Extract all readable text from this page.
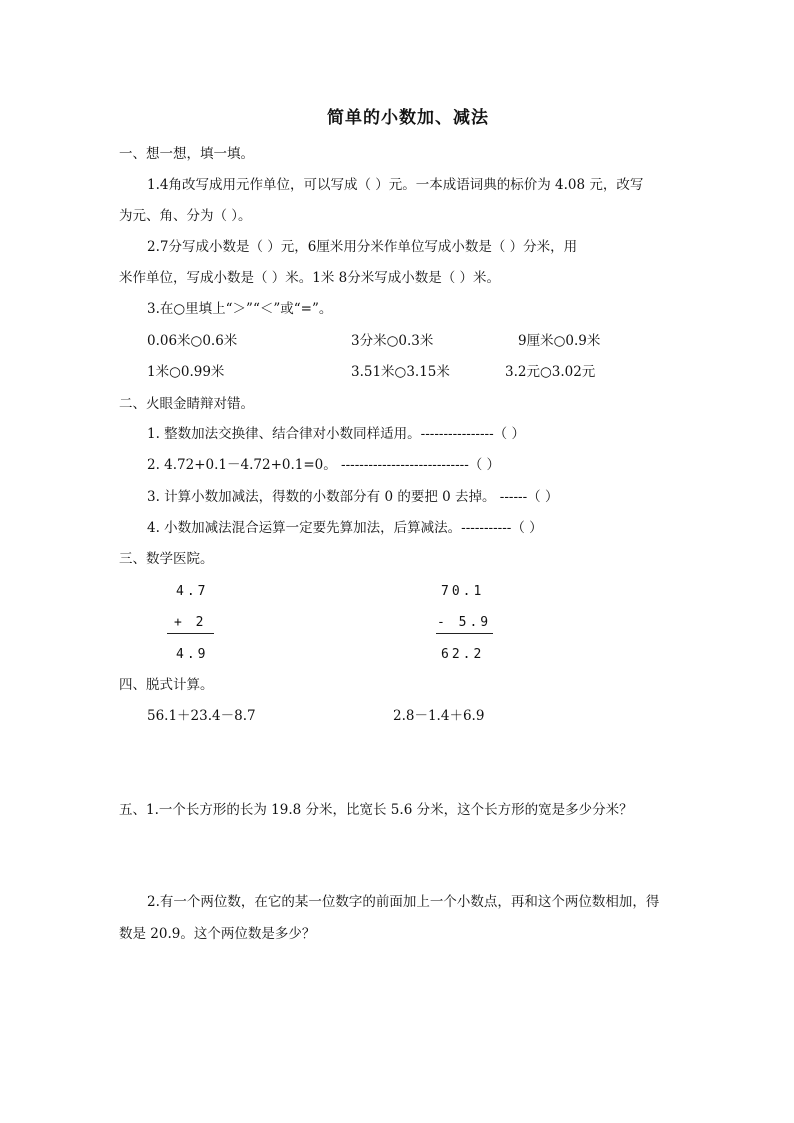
简单的小数加、减法
一、想一想，填一填。
1.4角改写成用元作单位，可以写成（ ）元。一本成语词典的标价为 4.08 元，改写
为元、角、分为（ ）。
2.7分写成小数是（ ）元，6厘米用分米作单位写成小数是（ ）分米，用
米作单位，写成小数是（ ）米。1米 8分米写成小数是（ ）米。
3.在○里填上“＞”“＜”或“=”。
0.06米○0.6米	3分米○0.3米	9厘米○0.9米
1米○0.99米	3.51米○3.15米	3.2元○3.02元
二、火眼金睛辩对错。
1. 整数加法交换律、结合律对小数同样适用。----------------（ ）
2. 4.72+0.1－4.72+0.1=0。 ----------------------------（ ）
3. 计算小数加减法，得数的小数部分有 0 的要把 0 去掉。 ------（ ）
4. 小数加减法混合运算一定要先算加法，后算减法。-----------（ ）
三、数学医院。
4.7
+ 2
4.9
70.1
- 5.9
62.2
四、脱式计算。
56.1＋23.4－8.7	2.8－1.4＋6.9
五、1.一个长方形的长为 19.8 分米，比宽长 5.6 分米，这个长方形的宽是多少分米？
2.有一个两位数，在它的某一位数字的前面加上一个小数点，再和这个两位数相加，得
数是 20.9。这个两位数是多少？
